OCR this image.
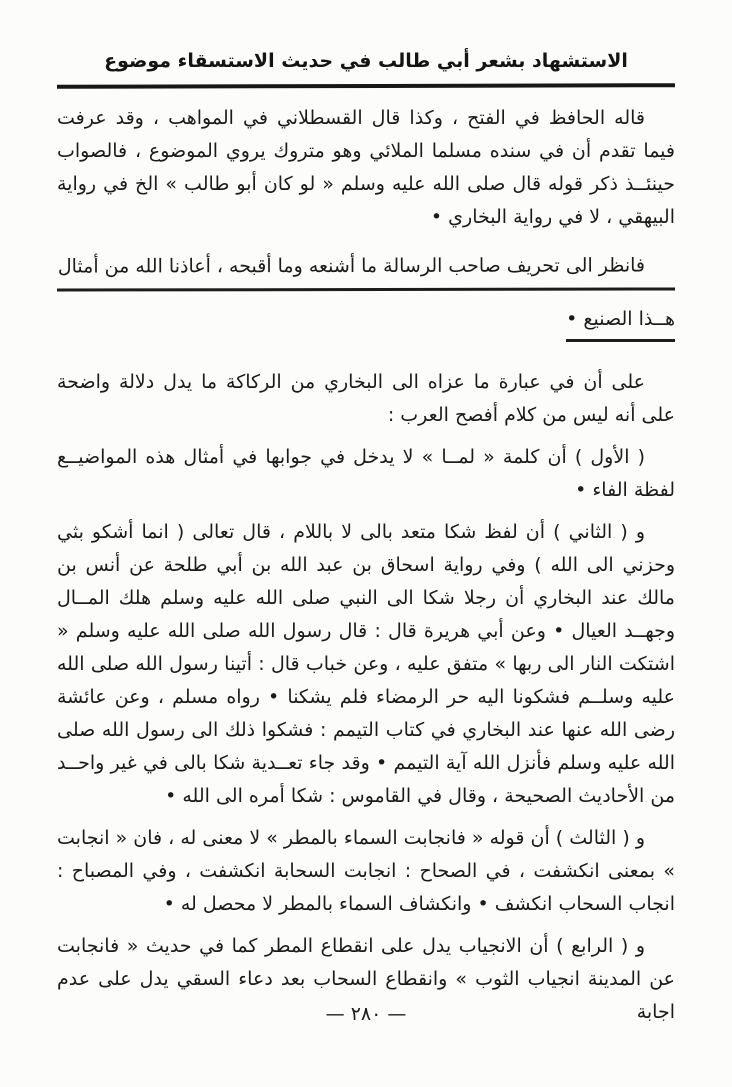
الاستشهاد بشعر أبي طالب في حديث الاستسقاء موضوع

قاله الحافظ في الفتح ، وكذا قال القسطلاني في المواهب ، وقد عرفت فيما تقدم أن في سنده مسلما الملائي وهو متروك يروي الموضوع ، فالصواب حينئــذ ذكر قوله قال صلى الله عليه وسلم « لو كان أبو طالب » الخ في رواية البيهقي ، لا في رواية البخاري •

فانظر الى تحريف صاحب الرسالة ما أشنعه وما أقبحه ، أعاذنا الله من أمثال
هــذا الصنيع •

على أن في عبارة ما عزاه الى البخاري من الركاكة ما يدل دلالة واضحة على أنه ليس من كلام أفصح العرب :

( الأول ) أن كلمة « لمــا » لا يدخل في جوابها في أمثال هذه المواضيــع لفظة الفاء •

و ( الثاني ) أن لفظ شكا متعد بالى لا باللام ، قال تعالى ( انما أشكو بثي وحزني الى الله ) وفي رواية اسحاق بن عبد الله بن أبي طلحة عن أنس بن مالك عند البخاري أن رجلا شكا الى النبي صلى الله عليه وسلم هلك المــال وجهــد العيال • وعن أبي هريرة قال : قال رسول الله صلى الله عليه وسلم « اشتكت النار الى ربها » متفق عليه ، وعن خباب قال : أتينا رسول الله صلى الله عليه وسلــم فشكونا اليه حر الرمضاء فلم يشكنا • رواه مسلم ، وعن عائشة رضى الله عنها عند البخاري في كتاب التيمم : فشكوا ذلك الى رسول الله صلى الله عليه وسلم فأنزل الله آية التيمم • وقد جاء تعــدية شكا بالى في غير واحــد من الأحاديث الصحيحة ، وقال في القاموس : شكا أمره الى الله •

و ( الثالث ) أن قوله « فانجابت السماء بالمطر » لا معنى له ، فان « انجابت » بمعنى انكشفت ، في الصحاح : انجابت السحابة انكشفت ، وفي المصباح : انجاب السحاب انكشف • وانكشاف السماء بالمطر لا محصل له •

و ( الرابع ) أن الانجياب يدل على انقطاع المطر كما في حديث « فانجابت عن المدينة انجياب الثوب » وانقطاع السحاب بعد دعاء السقي يدل على عدم اجابة

— ٢٨٠ —
